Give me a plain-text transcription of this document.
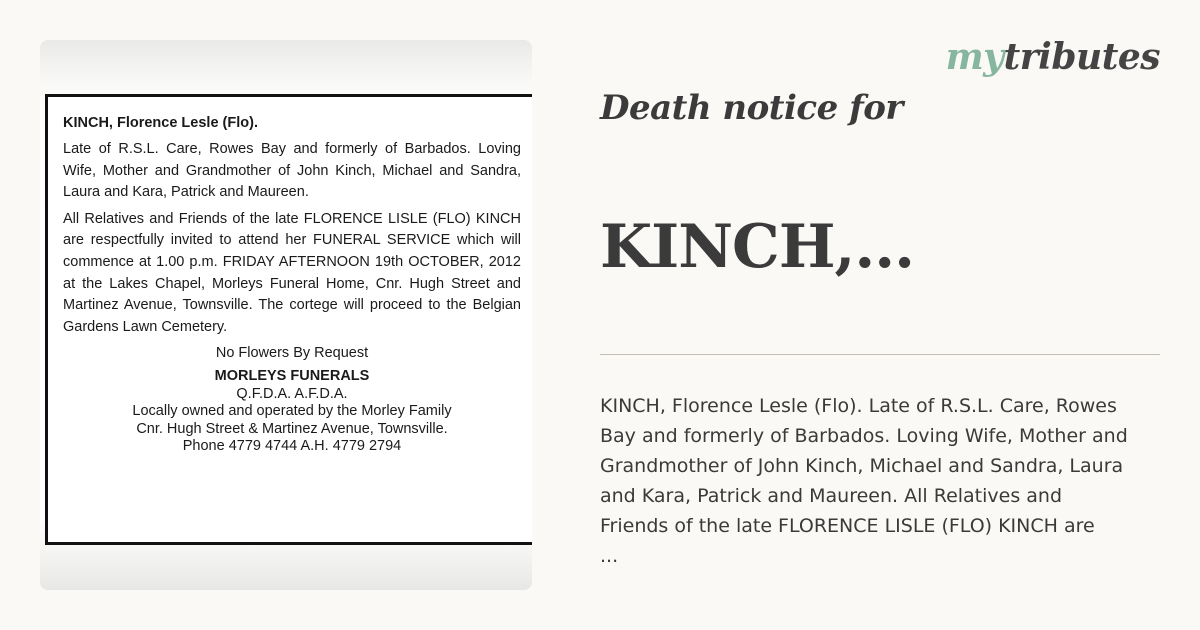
KINCH, Florence Lesle (Flo).

Late of R.S.L. Care, Rowes Bay and formerly of Barbados. Loving Wife, Mother and Grandmother of John Kinch, Michael and Sandra, Laura and Kara, Patrick and Maureen.

All Relatives and Friends of the late FLORENCE LISLE (FLO) KINCH are respectfully invited to attend her FUNERAL SERVICE which will commence at 1.00 p.m. FRIDAY AFTERNOON 19th OCTOBER, 2012 at the Lakes Chapel, Morleys Funeral Home, Cnr. Hugh Street and Martinez Avenue, Townsville. The cortege will proceed to the Belgian Gardens Lawn Cemetery.

No Flowers By Request

MORLEYS FUNERALS
Q.F.D.A. A.F.D.A.
Locally owned and operated by the Morley Family
Cnr. Hugh Street & Martinez Avenue, Townsville.
Phone 4779 4744 A.H. 4779 2794
mytributes
Death notice for
KINCH,...

KINCH, Florence Lesle (Flo). Late of R.S.L. Care, Rowes
Bay and formerly of Barbados. Loving Wife, Mother and
Grandmother of John Kinch, Michael and Sandra, Laura
and Kara, Patrick and Maureen. All Relatives and
Friends of the late FLORENCE LISLE (FLO) KINCH are
...
